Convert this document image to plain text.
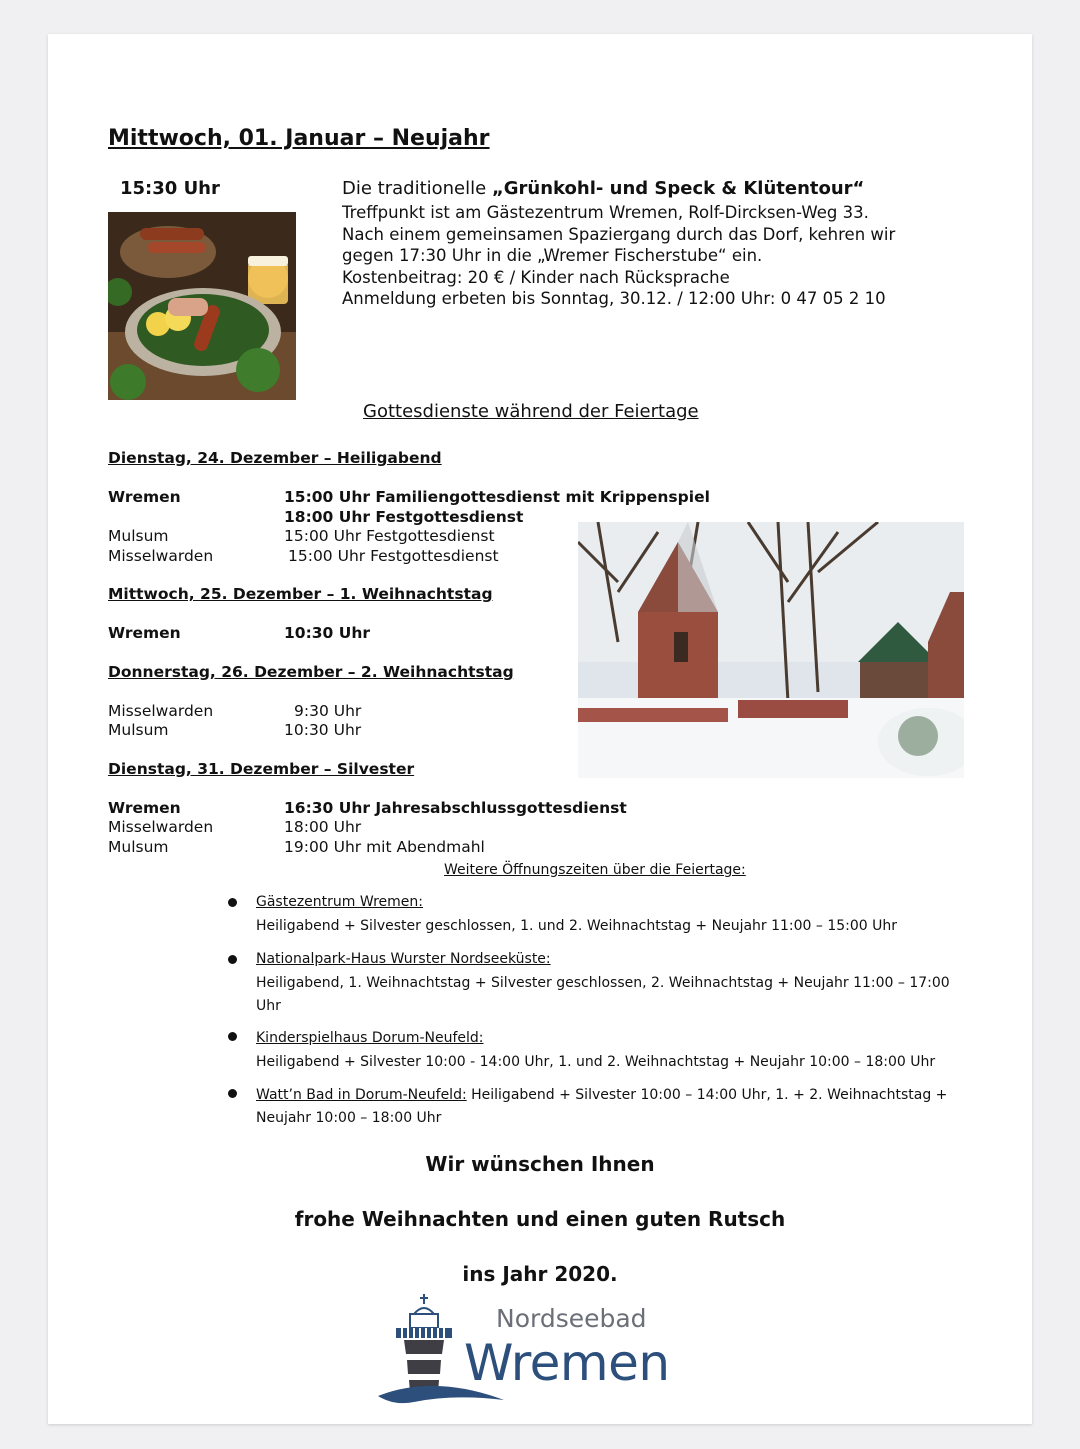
Mittwoch, 01. Januar – Neujahr
15:30 Uhr	Die traditionelle „Grünkohl- und Speck & Klütentour“
Treffpunkt ist am Gästezentrum Wremen, Rolf-Dircksen-Weg 33.
Nach einem gemeinsamen Spaziergang durch das Dorf, kehren wir
gegen 17:30 Uhr in die „Wremer Fischerstube“ ein.
Kostenbeitrag: 20 € / Kinder nach Rücksprache
Anmeldung erbeten bis Sonntag, 30.12. / 12:00 Uhr: 0 47 05 2 10
Gottesdienste während der Feiertage
Dienstag, 24. Dezember – Heiligabend
Wremen	15:00 Uhr Familiengottesdienst mit Krippenspiel
18:00 Uhr Festgottesdienst
Mulsum	15:00 Uhr Festgottesdienst
Misselwarden	15:00 Uhr Festgottesdienst
Mittwoch, 25. Dezember – 1. Weihnachtstag
Wremen	10:30 Uhr
Donnerstag, 26. Dezember – 2. Weihnachtstag
Misselwarden	9:30 Uhr
Mulsum	10:30 Uhr
Dienstag, 31. Dezember – Silvester
Wremen	16:30 Uhr Jahresabschlussgottesdienst
Misselwarden	18:00 Uhr
Mulsum	19:00 Uhr mit Abendmahl
Weitere Öffnungszeiten über die Feiertage:
Gästezentrum Wremen:
Heiligabend + Silvester geschlossen, 1. und 2. Weihnachtstag + Neujahr 11:00 – 15:00 Uhr
Nationalpark-Haus Wurster Nordseeküste:
Heiligabend, 1. Weihnachtstag + Silvester geschlossen, 2. Weihnachtstag + Neujahr 11:00 – 17:00
Uhr
Kinderspielhaus Dorum-Neufeld:
Heiligabend + Silvester 10:00 - 14:00 Uhr, 1. und 2. Weihnachtstag + Neujahr 10:00 – 18:00 Uhr
Watt’n Bad in Dorum-Neufeld: Heiligabend + Silvester 10:00 – 14:00 Uhr, 1. + 2. Weihnachtstag +
Neujahr 10:00 – 18:00 Uhr
Wir wünschen Ihnen
frohe Weihnachten und einen guten Rutsch
ins Jahr 2020.
Nordseebad
Wremen
